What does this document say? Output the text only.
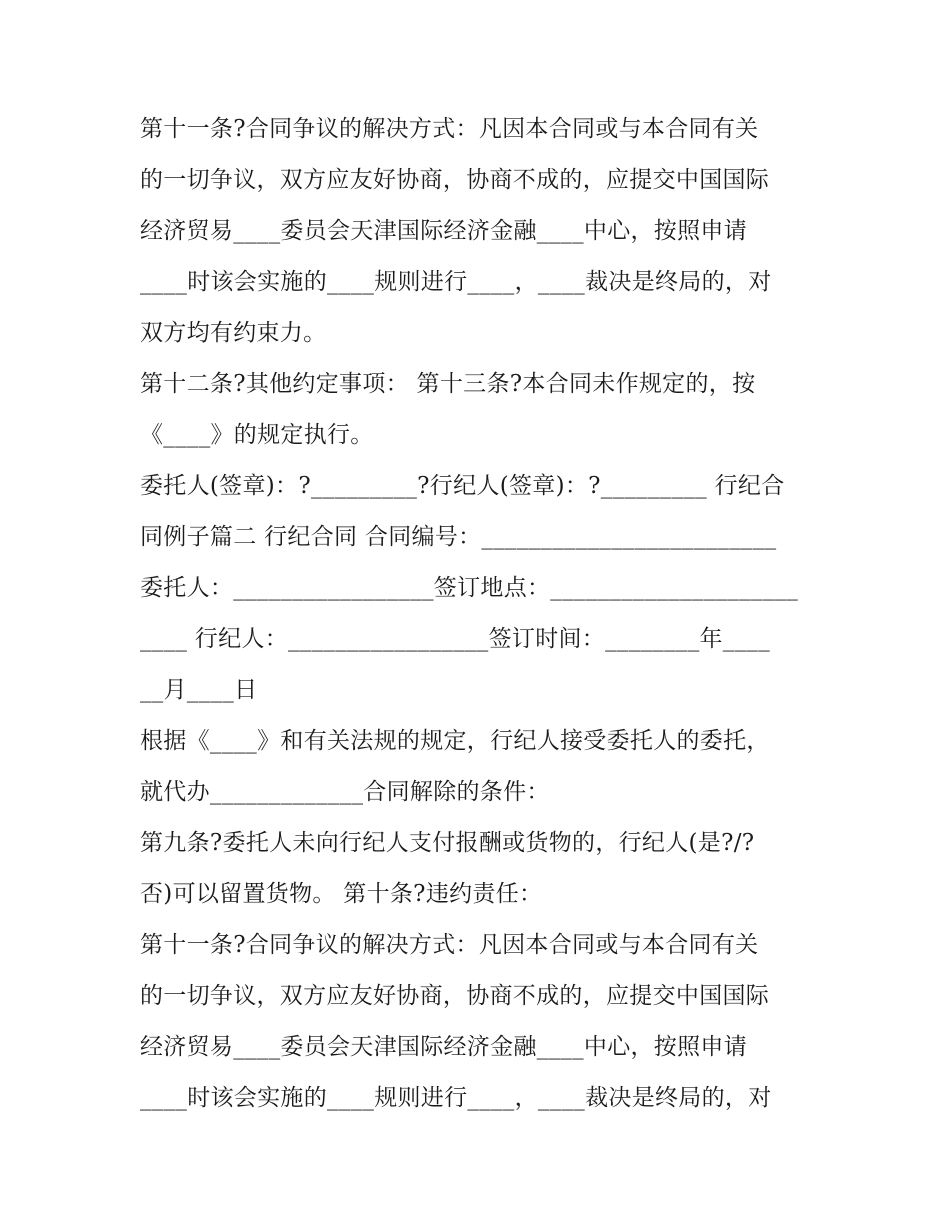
第十一条?合同争议的解决方式：凡因本合同或与本合同有关
的一切争议，双方应友好协商，协商不成的，应提交中国国际
经济贸易____委员会天津国际经济金融____中心，按照申请
____时该会实施的____规则进行____，____裁决是终局的，对
双方均有约束力。
第十二条?其他约定事项： 第十三条?本合同未作规定的，按
《____》的规定执行。
委托人(签章)：?_________?行纪人(签章)：?_________ 行纪合
同例子篇二 行纪合同 合同编号：_________________________
委托人：_________________签订地点：_____________________
____ 行纪人：_________________签订时间：________年____
__月____日
根据《____》和有关法规的规定，行纪人接受委托人的委托，
就代办_____________合同解除的条件：
第九条?委托人未向行纪人支付报酬或货物的，行纪人(是?/?
否)可以留置货物。 第十条?违约责任：
第十一条?合同争议的解决方式：凡因本合同或与本合同有关
的一切争议，双方应友好协商，协商不成的，应提交中国国际
经济贸易____委员会天津国际经济金融____中心，按照申请
____时该会实施的____规则进行____，____裁决是终局的，对
